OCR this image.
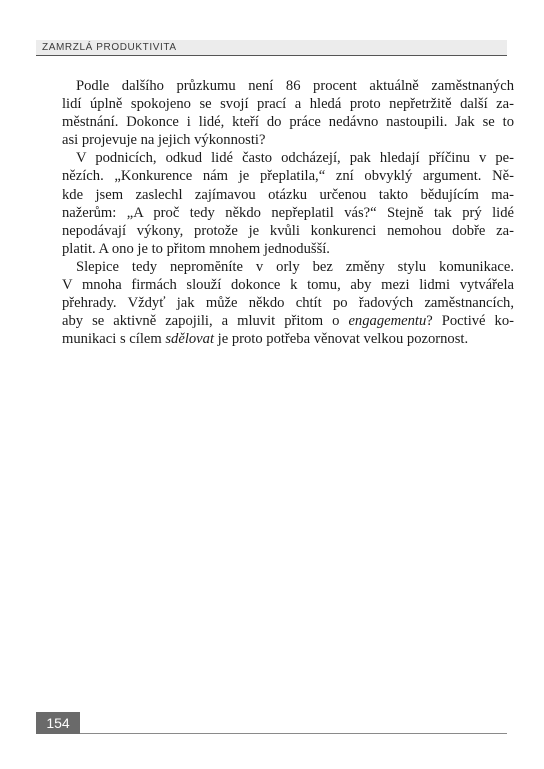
ZAMRZLÁ PRODUKTIVITA

Podle dalšího průzkumu není 86 procent aktuálně zaměstnaných
lidí úplně spokojeno se svojí prací a hledá proto nepřetržitě další za-
městnání. Dokonce i lidé, kteří do práce nedávno nastoupili. Jak se to
asi projevuje na jejich výkonnosti?

V podnicích, odkud lidé často odcházejí, pak hledají příčinu v pe-
nězích. „Konkurence nám je přeplatila,“ zní obvyklý argument. Ně-
kde jsem zaslechl zajímavou otázku určenou takto bědujícím ma-
nažerům: „A proč tedy někdo nepřeplatil vás?“ Stejně tak prý lidé
nepodávají výkony, protože je kvůli konkurenci nemohou dobře za-
platit. A ono je to přitom mnohem jednodušší.

Slepice tedy nepromĕníte v orly bez změny stylu komunikace.
V mnoha firmách slouží dokonce k tomu, aby mezi lidmi vytvářela
přehrady. Vždyť jak může někdo chtít po řadových zaměstnancích,
aby se aktivně zapojili, a mluvit přitom o engagementu? Poctivé ko-
munikaci s cílem sdělovat je proto potřeba věnovat velkou pozornost.

154
